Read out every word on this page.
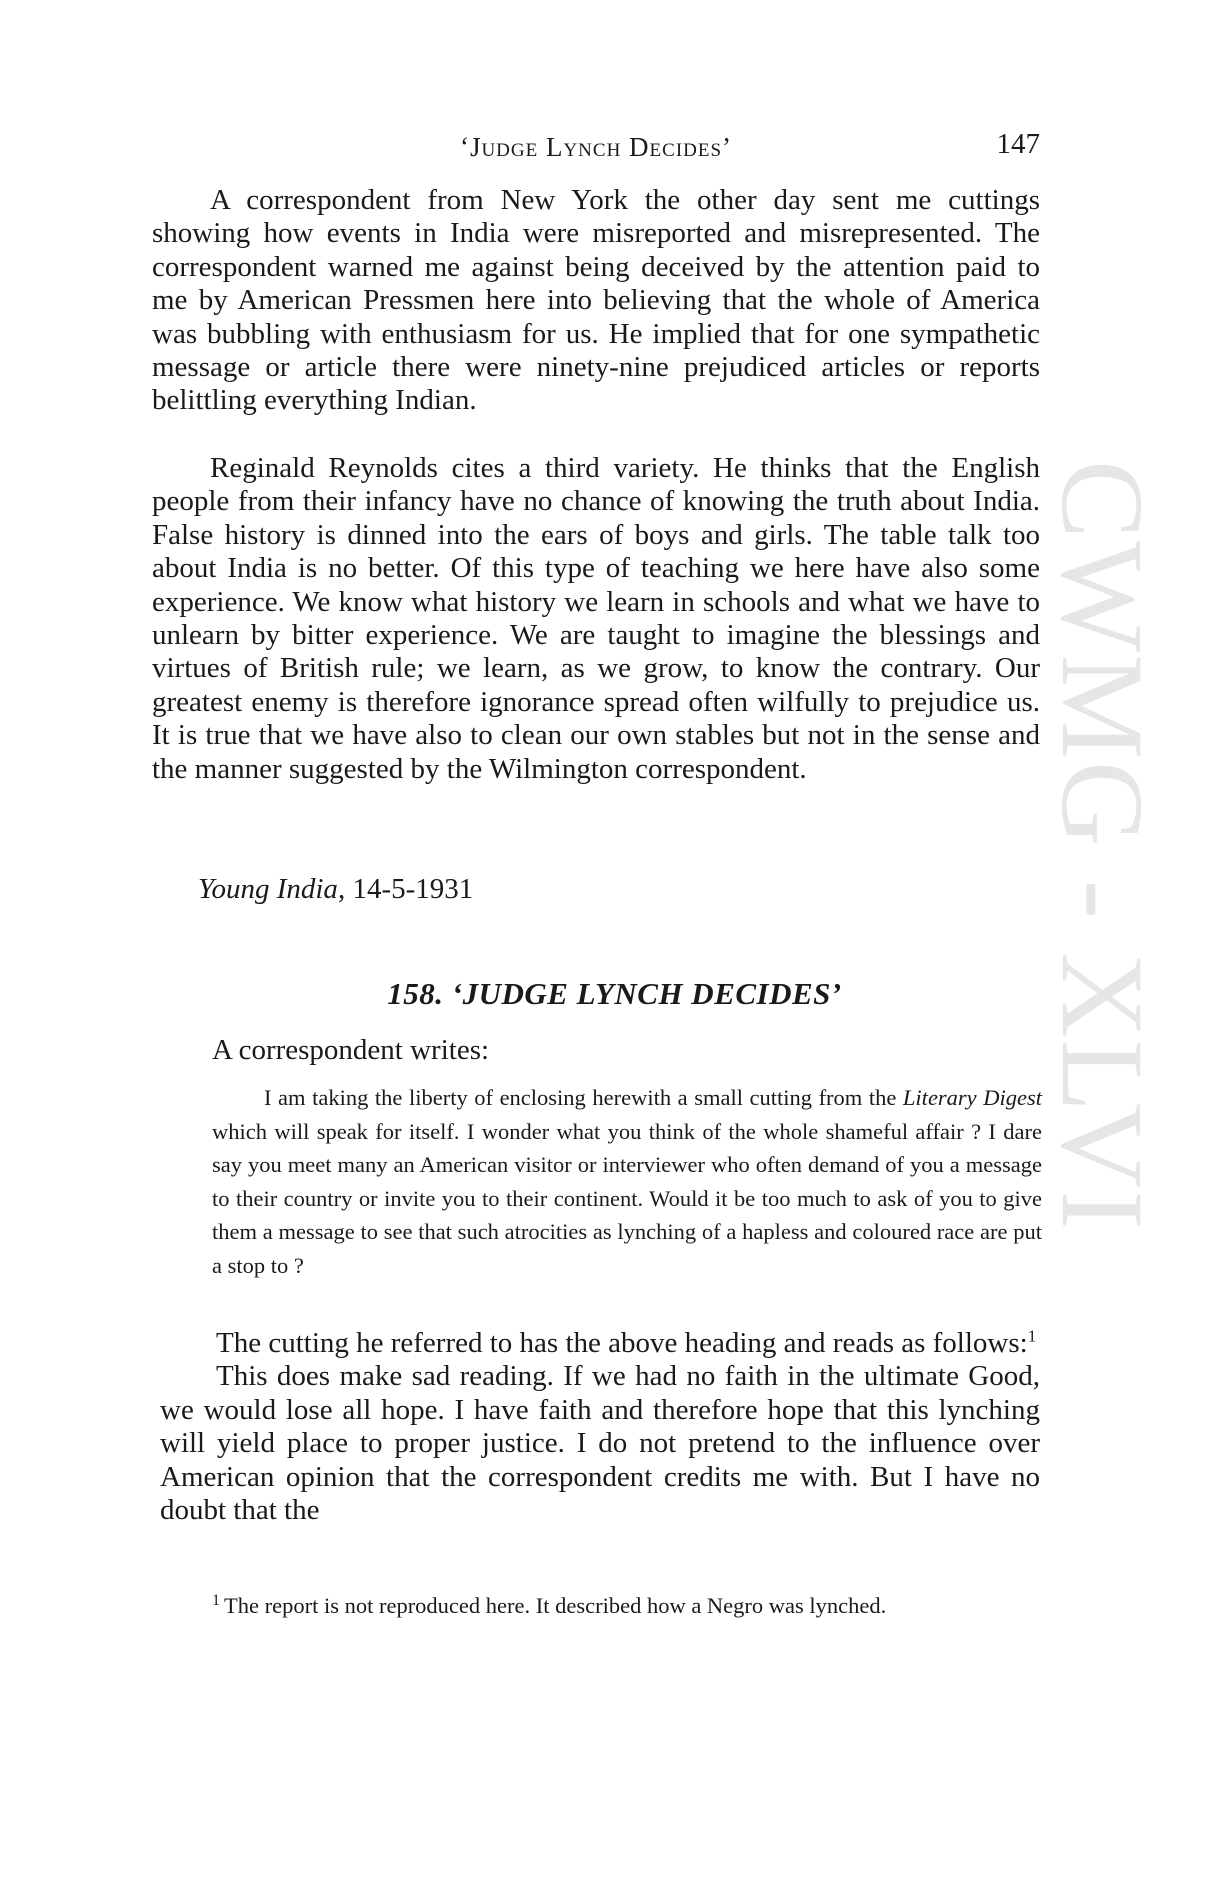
CWMG - XLVI
‘Judge Lynch Decides’	147

A correspondent from New York the other day sent me cuttings showing how events in India were misreported and misrepresented. The correspondent warned me against being deceived by the attention paid to me by American Pressmen here into believing that the whole of America was bubbling with enthusiasm for us. He implied that for one sympathetic message or article there were ninety-nine prejudiced articles or reports belittling everything Indian.

Reginald Reynolds cites a third variety. He thinks that the English people from their infancy have no chance of knowing the truth about India. False history is dinned into the ears of boys and girls. The table talk too about India is no better. Of this type of teaching we here have also some experience. We know what history we learn in schools and what we have to unlearn by bitter experience. We are taught to imagine the blessings and virtues of British rule; we learn, as we grow, to know the contrary. Our greatest enemy is therefore ignorance spread often wilfully to prejudice us. It is true that we have also to clean our own stables but not in the sense and the manner suggested by the Wilmington correspondent.

Young India, 14-5-1931

158. ‘JUDGE LYNCH DECIDES’

A correspondent writes:

I am taking the liberty of enclosing herewith a small cutting from the Literary Digest which will speak for itself. I wonder what you think of the whole shameful affair ? I dare say you meet many an American visitor or interviewer who often demand of you a message to their country or invite you to their continent. Would it be too much to ask of you to give them a message to see that such atrocities as lynching of a hapless and coloured race are put a stop to ?

The cutting he referred to has the above heading and reads as follows:$^1$

This does make sad reading. If we had no faith in the ultimate Good, we would lose all hope. I have faith and therefore hope that this lynching will yield place to proper justice. I do not pretend to the influence over American opinion that the correspondent credits me with. But I have no doubt that the

$^1$ The report is not reproduced here. It described how a Negro was lynched.
